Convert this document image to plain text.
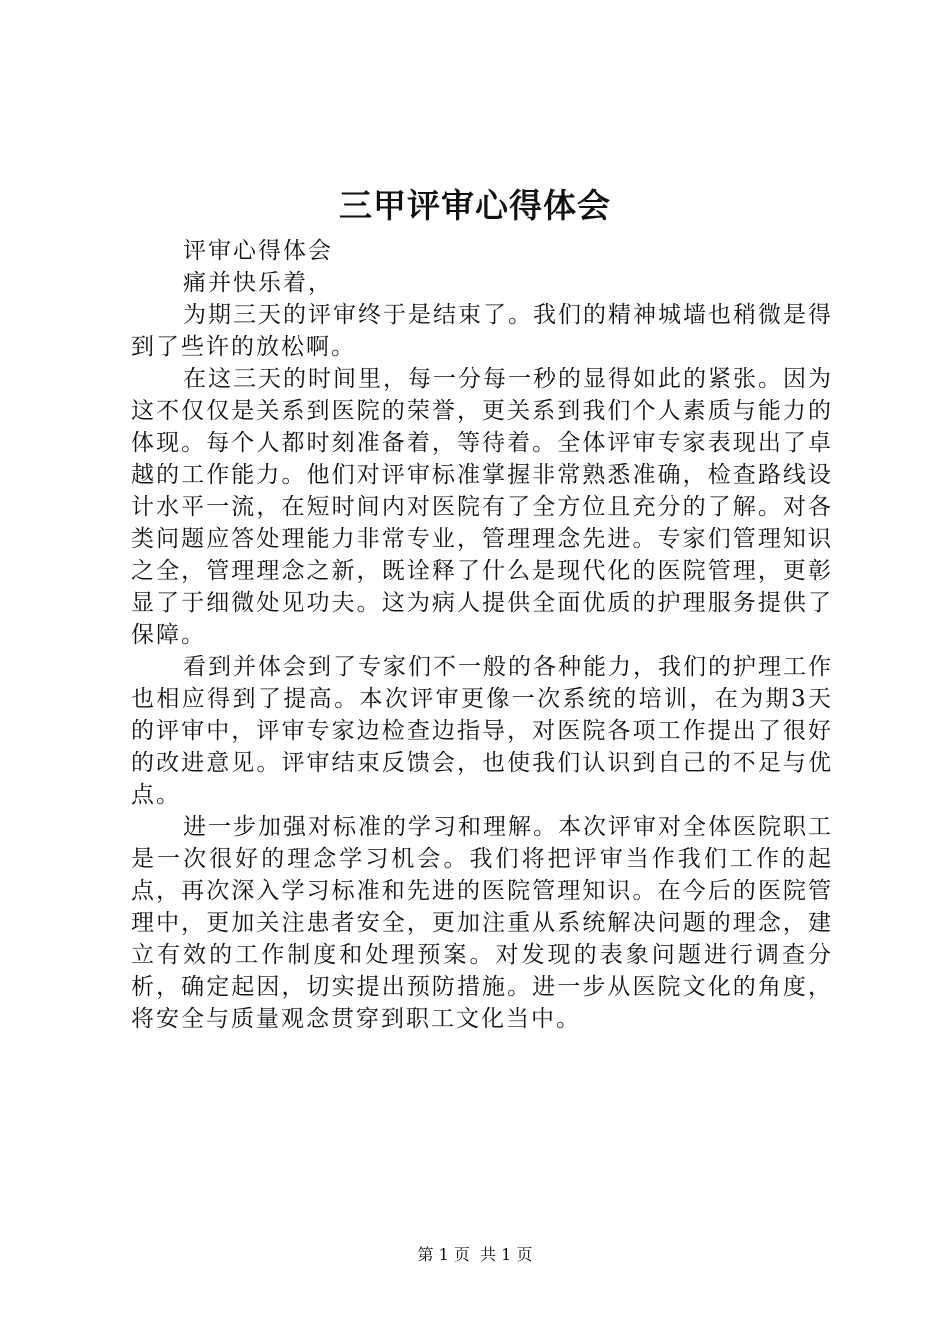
三甲评审心得体会

评审心得体会

痛并快乐着，

为期三天的评审终于是结束了。我们的精神城墙也稍微是得到了些许的放松啊。

在这三天的时间里，每一分每一秒的显得如此的紧张。因为这不仅仅是关系到医院的荣誉，更关系到我们个人素质与能力的体现。每个人都时刻准备着，等待着。全体评审专家表现出了卓越的工作能力。他们对评审标准掌握非常熟悉准确，检查路线设计水平一流，在短时间内对医院有了全方位且充分的了解。对各类问题应答处理能力非常专业，管理理念先进。专家们管理知识之全，管理理念之新，既诠释了什么是现代化的医院管理，更彰显了于细微处见功夫。这为病人提供全面优质的护理服务提供了保障。

看到并体会到了专家们不一般的各种能力，我们的护理工作也相应得到了提高。本次评审更像一次系统的培训，在为期3天的评审中，评审专家边检查边指导，对医院各项工作提出了很好的改进意见。评审结束反馈会，也使我们认识到自己的不足与优点。

进一步加强对标准的学习和理解。本次评审对全体医院职工是一次很好的理念学习机会。我们将把评审当作我们工作的起点，再次深入学习标准和先进的医院管理知识。在今后的医院管理中，更加关注患者安全，更加注重从系统解决问题的理念，建立有效的工作制度和处理预案。对发现的表象问题进行调查分析，确定起因，切实提出预防措施。进一步从医院文化的角度，将安全与质量观念贯穿到职工文化当中。

第 1 页  共 1 页
